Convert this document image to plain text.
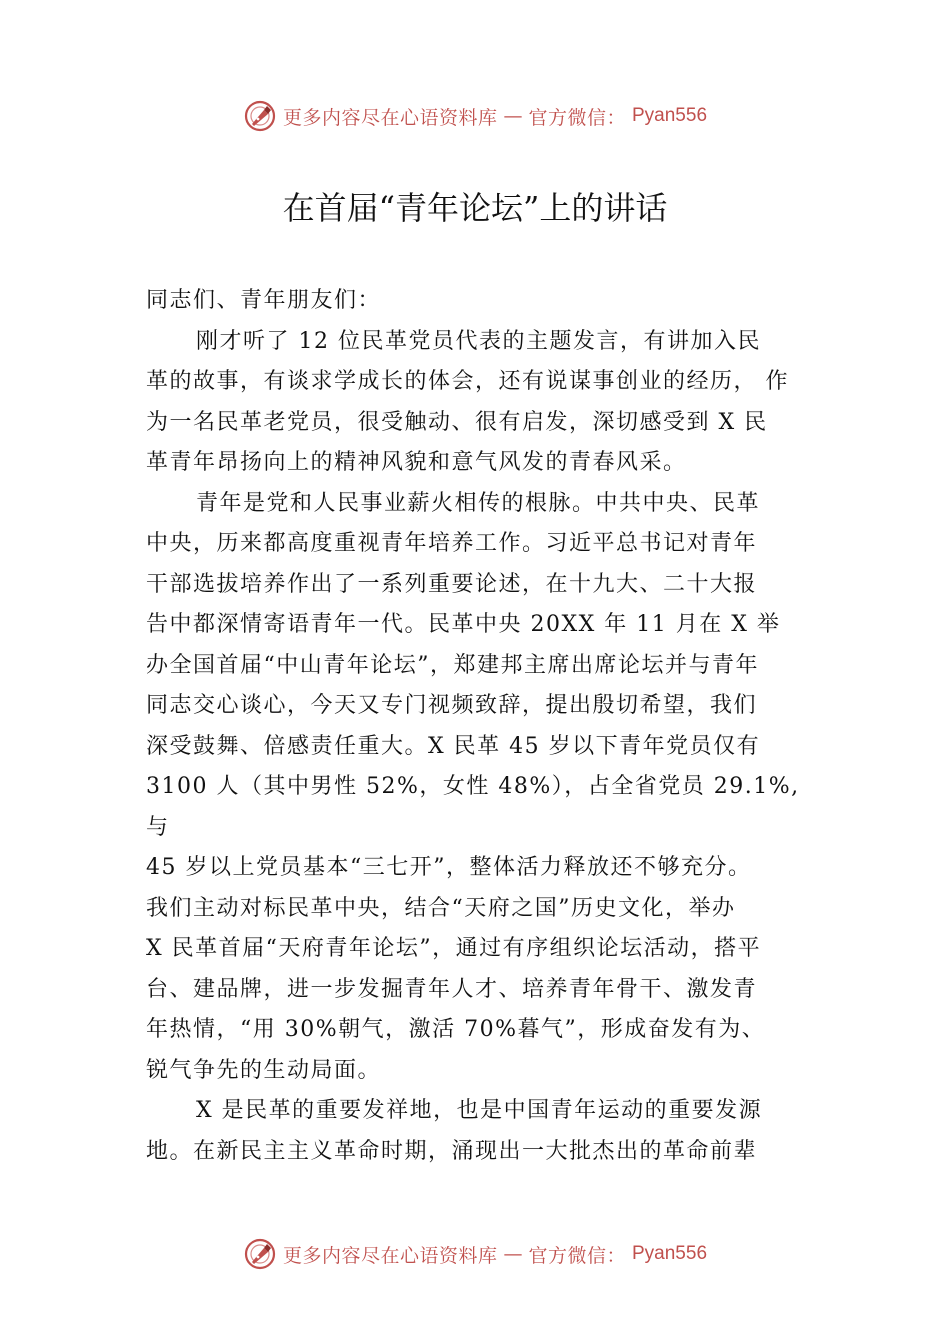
更多内容尽在心语资料库 — 官方微信： Pyan556
在首届“青年论坛”上的讲话
同志们、青年朋友们：
刚才听了 12 位民革党员代表的主题发言，有讲加入民
革的故事，有谈求学成长的体会，还有说谋事创业的经历， 作
为一名民革老党员，很受触动、很有启发，深切感受到 X 民
革青年昂扬向上的精神风貌和意气风发的青春风采。
青年是党和人民事业薪火相传的根脉。中共中央、民革
中央，历来都高度重视青年培养工作。习近平总书记对青年
干部选拔培养作出了一系列重要论述，在十九大、二十大报
告中都深情寄语青年一代。民革中央 20XX 年 11 月在 X 举
办全国首届“中山青年论坛”，郑建邦主席出席论坛并与青年
同志交心谈心，今天又专门视频致辞，提出殷切希望，我们
深受鼓舞、倍感责任重大。X 民革 45 岁以下青年党员仅有
3100 人（其中男性 52%，女性 48%），占全省党员 29.1%,
与
45 岁以上党员基本“三七开”，整体活力释放还不够充分。
我们主动对标民革中央，结合“天府之国”历史文化，举办
X 民革首届“天府青年论坛”，通过有序组织论坛活动，搭平
台、建品牌，进一步发掘青年人才、培养青年骨干、激发青
年热情，“用 30%朝气，激活 70%暮气”，形成奋发有为、
锐气争先的生动局面。
X 是民革的重要发祥地，也是中国青年运动的重要发源
地。在新民主主义革命时期，涌现出一大批杰出的革命前辈
更多内容尽在心语资料库 — 官方微信： Pyan556
